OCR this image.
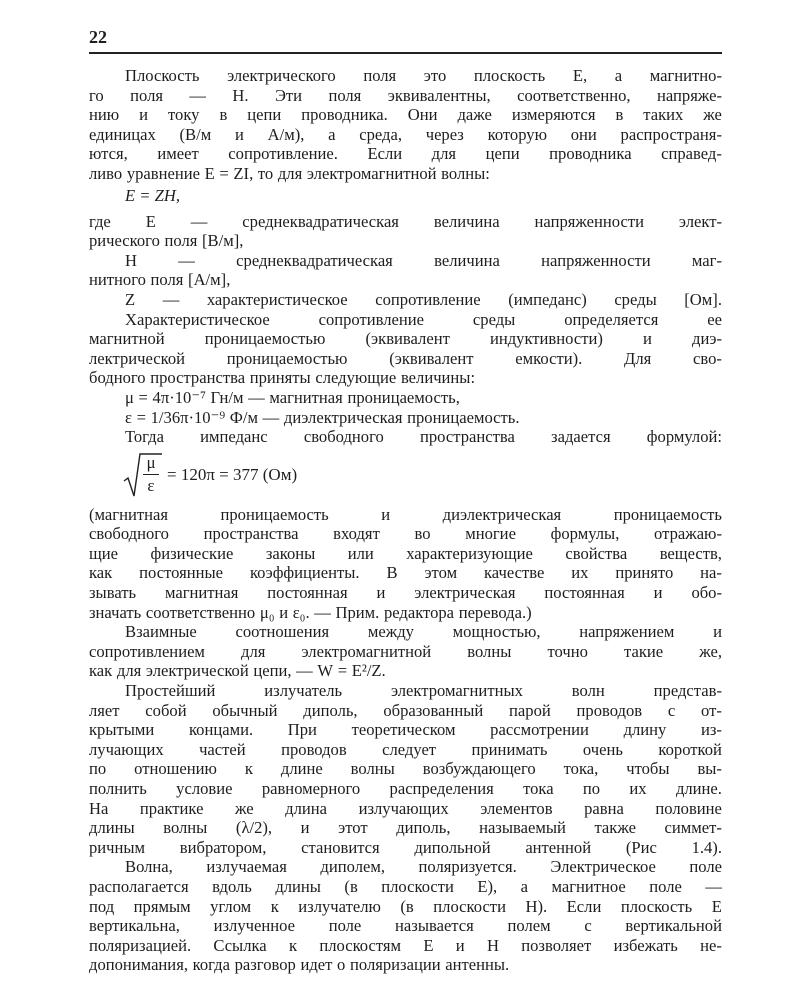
22
Плоскость электрического поля это плоскость E, а магнитно-
го поля — H. Эти поля эквивалентны, соответственно, напряже-
нию и току в цепи проводника. Они даже измеряются в таких же
единицах (В/м и А/м), а среда, через которую они распространя-
ются, имеет сопротивление. Если для цепи проводника справед-
ливо уравнение E = ZI, то для электромагнитной волны:
E = ZH,
где E — среднеквадратическая величина напряженности элект-
рического поля [В/м],
H — среднеквадратическая величина напряженности маг-
нитного поля [А/м],
Z — характеристическое сопротивление (импеданс) среды [Ом].
Характеристическое	сопротивление	среды	определяется	ее
магнитной проницаемостью (эквивалент индуктивности) и диэ-
лектрической	проницаемостью	(эквивалент	емкости).	Для	сво-
бодного пространства приняты следующие величины:
μ = 4π·10⁻⁷ Гн/м — магнитная проницаемость,
ε = 1/36π·10⁻⁹ Ф/м — диэлектрическая проницаемость.
Тогда импеданс свободного пространства задается формулой:
μ
ε
= 120π = 377 (Ом)
(магнитная	проницаемость	и	диэлектрическая	проницаемость
свободного пространства входят во многие формулы, отражаю-
щие физические законы или характеризующие свойства веществ,
как постоянные коэффициенты. В этом качестве их принято на-
зывать магнитная постоянная и электрическая постоянная и обо-
значать соответственно μ₀ и ε₀. — Прим. редактора перевода.)
Взаимные соотношения между мощностью, напряжением и
сопротивлением для электромагнитной волны точно такие же,
как для электрической цепи, — W = E²/Z.
Простейший	излучатель	электромагнитных	волн	представ-
ляет собой обычный диполь, образованный парой проводов с от-
крытыми концами. При теоретическом рассмотрении длину из-
лучающих частей проводов следует принимать очень короткой
по отношению к длине волны возбуждающего тока, чтобы вы-
полнить условие равномерного распределения тока по их длине.
На практике же длина излучающих элементов равна половине
длины волны (λ/2), и этот диполь, называемый также симмет-
ричным вибратором, становится дипольной антенной (Рис 1.4).
Волна, излучаемая диполем, поляризуется. Электрическое поле
располагается вдоль длины (в плоскости E), а магнитное поле —
под прямым углом к излучателю (в плоскости H). Если плоскость E
вертикальна, излученное поле называется полем с вертикальной
поляризацией. Ссылка к плоскостям E и H позволяет избежать не-
допонимания, когда разговор идет о поляризации антенны.
